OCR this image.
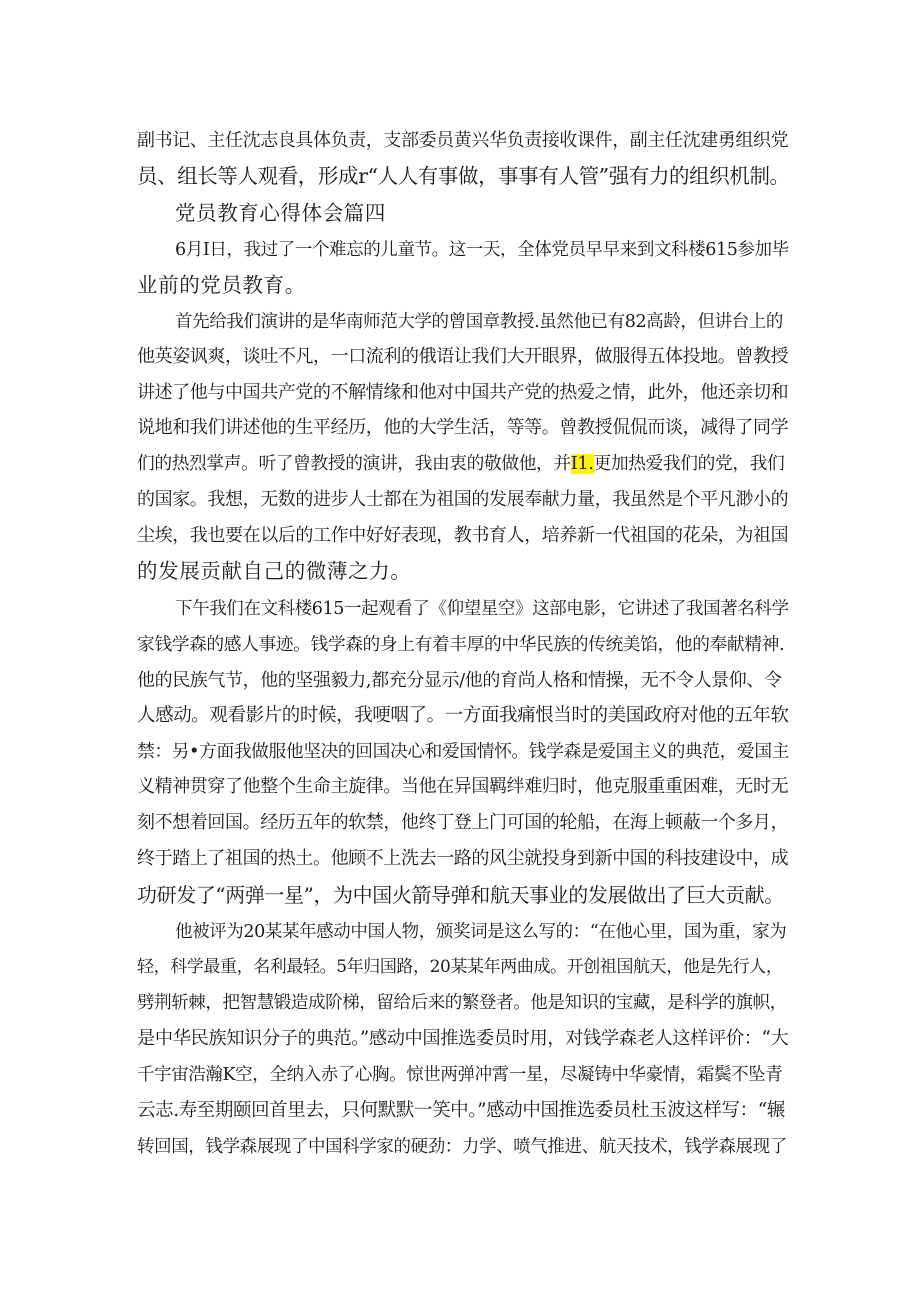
副书记、主任沈志良具体负责，支部委员黄兴华负责接收课件，副主任沈建勇组织党
员、组长等人观看，形成r“人人有事做，事事有人管”强有力的组织机制。
党员教育心得体会篇四
6月I日，我过了一个难忘的儿童节。这一天，全体党员早早来到文科楼615参加毕
业前的党员教育。
首先给我们演讲的是华南师范大学的曾国章教授.虽然他已有82高龄，但讲台上的
他英姿讽爽，谈吐不凡，一口流利的俄语让我们大开眼界，做服得五体投地。曾教授
讲述了他与中国共产党的不解情缘和他对中国共产党的热爱之情，此外，他还亲切和
说地和我们讲述他的生平经历，他的大学生活，等等。曾教授侃侃而谈，减得了同学
们的热烈掌声。听了曾教授的演讲，我由衷的敬做他，并I1.更加热爱我们的党，我们
的国家。我想，无数的进步人士都在为祖国的发展奉献力量，我虽然是个平凡渺小的
尘埃，我也要在以后的工作中好好表现，教书育人，培养新一代祖国的花朵，为祖国
的发展贡献自己的微薄之力。
下午我们在文科楼615一起观看了《仰望星空》这部电影，它讲述了我国著名科学
家钱学森的感人事迹。钱学森的身上有着丰厚的中华民族的传统美馅，他的奉献精神.
他的民族气节，他的坚强毅力,都充分显示/他的育尚人格和情操，无不令人景仰、令
人感动。观看影片的时候，我哽咽了。一方面我痛恨当时的美国政府对他的五年软
禁：另•方面我做服他坚决的回国决心和爱国情怀。钱学森是爱国主义的典范，爱国主
义精神贯穿了他整个生命主旋律。当他在异国羁绊难归时，他克服重重困难，无时无
刻不想着回国。经历五年的软禁，他终丁登上门可国的轮船，在海上顿蔽一个多月，
终于踏上了祖国的热土。他顾不上洗去一路的风尘就投身到新中国的科技建设中，成
功研发了“两弹一星”，为中国火箭导弹和航天事业的发展做出了巨大贡献。
他被评为20某某年感动中国人物，颁奖词是这么写的：“在他心里，国为重，家为
轻，科学最重，名利最轻。5年归国路，20某某年两曲成。开创祖国航天，他是先行人，
劈荆斩棘，把智慧锻造成阶梯，留给后来的繁登者。他是知识的宝藏，是科学的旗帜，
是中华民族知识分子的典范。”感动中国推选委员时用，对钱学森老人这样评价：“大
千宇宙浩瀚K空，全纳入赤了心胸。惊世两弹冲霄一星，尽凝铸中华豪情，霜鬓不坠青
云志.寿至期颐回首里去，只何默默一笑中。”感动中国推选委员杜玉波这样写：“辗
转回国，钱学森展现了中国科学家的硬劲：力学、喷气推进、航天技术，钱学森展现了
